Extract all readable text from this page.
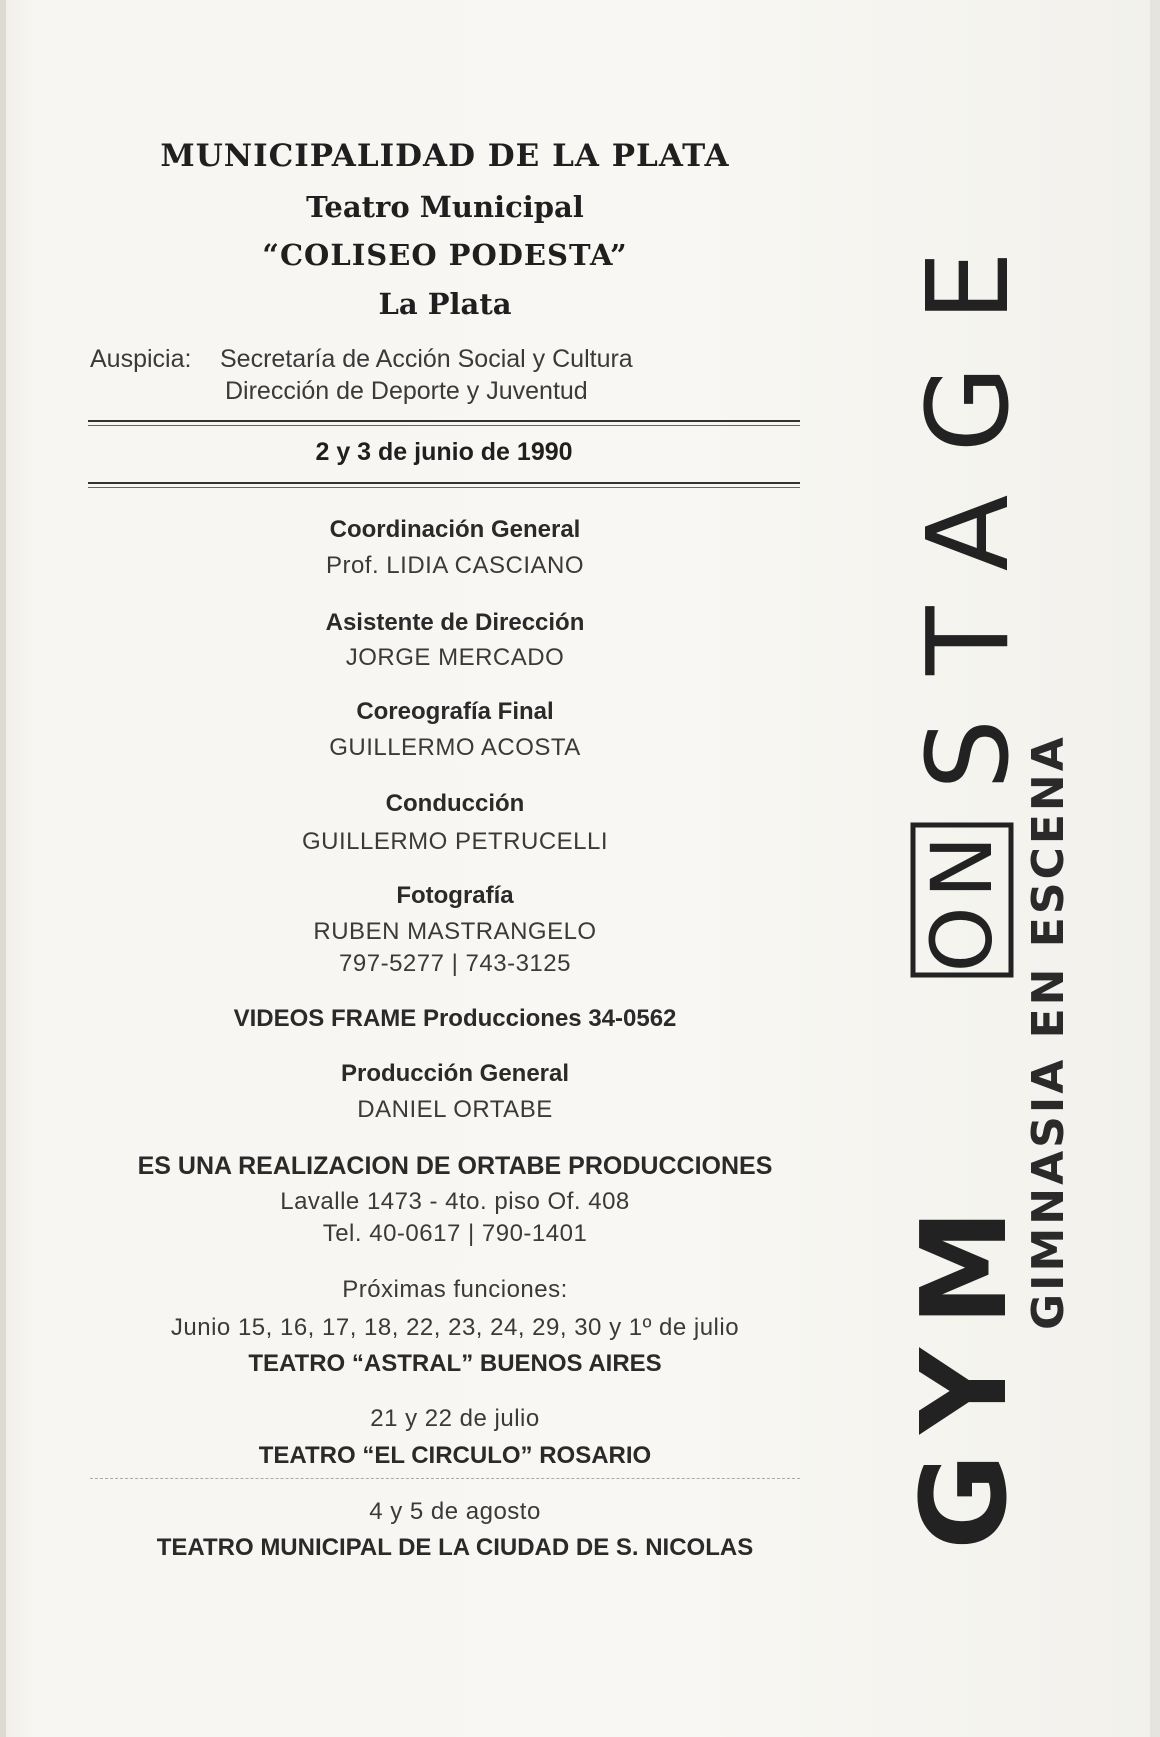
MUNICIPALIDAD DE LA PLATA
Teatro Municipal
“COLISEO PODESTA”
La Plata
Auspicia: Secretaría de Acción Social y Cultura
Dirección de Deporte y Juventud
2 y 3 de junio de 1990
Coordinación General
Prof. LIDIA CASCIANO
Asistente de Dirección
JORGE MERCADO
Coreografía Final
GUILLERMO ACOSTA
Conducción
GUILLERMO PETRUCELLI
Fotografía
RUBEN MASTRANGELO
797-5277 | 743-3125
VIDEOS FRAME Producciones 34-0562
Producción General
DANIEL ORTABE
ES UNA REALIZACION DE ORTABE PRODUCCIONES
Lavalle 1473 - 4to. piso Of. 408
Tel. 40-0617 | 790-1401
Próximas funciones:
Junio 15, 16, 17, 18, 22, 23, 24, 29, 30 y 1º de julio
TEATRO “ASTRAL” BUENOS AIRES
21 y 22 de julio
TEATRO “EL CIRCULO” ROSARIO
4 y 5 de agosto
TEATRO MUNICIPAL DE LA CIUDAD DE S. NICOLAS	GYM
ON
STAGE
GIMNASIA EN ESCENA
